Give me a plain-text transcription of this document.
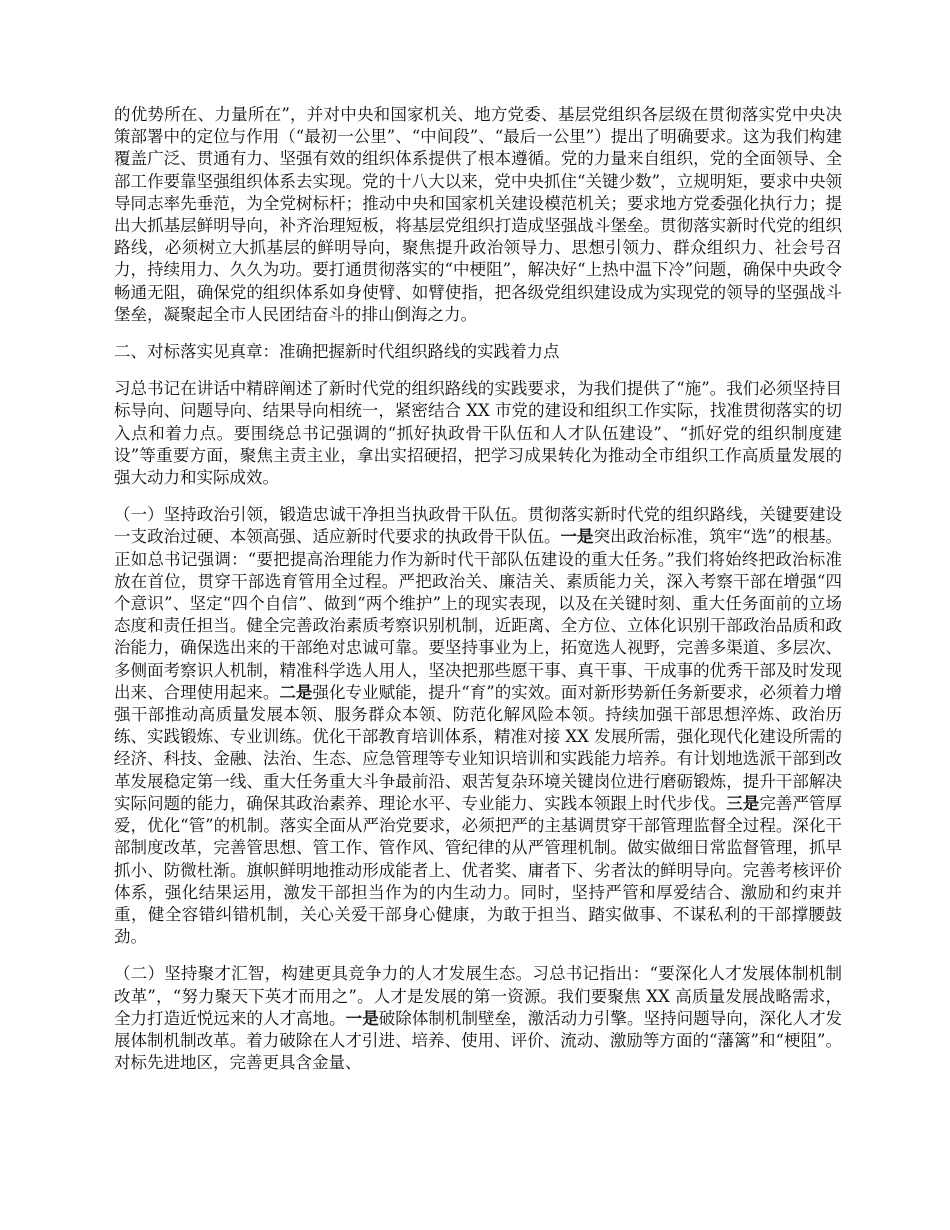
的优势所在、力量所在”，并对中央和国家机关、地方党委、基层党组织各层级在贯彻落实党中央决策部署中的定位与作用（“最初一公里”、“中间段”、“最后一公里”）提出了明确要求。这为我们构建覆盖广泛、贯通有力、坚强有效的组织体系提供了根本遵循。党的力量来自组织，党的全面领导、全部工作要靠坚强组织体系去实现。党的十八大以来，党中央抓住“关键少数”，立规明矩，要求中央领导同志率先垂范，为全党树标杆；推动中央和国家机关建设模范机关；要求地方党委强化执行力；提出大抓基层鲜明导向，补齐治理短板，将基层党组织打造成坚强战斗堡垒。贯彻落实新时代党的组织路线，必须树立大抓基层的鲜明导向，聚焦提升政治领导力、思想引领力、群众组织力、社会号召力，持续用力、久久为功。要打通贯彻落实的“中梗阻”，解决好“上热中温下冷”问题，确保中央政令畅通无阻，确保党的组织体系如身使臂、如臂使指，把各级党组织建设成为实现党的领导的坚强战斗堡垒，凝聚起全市人民团结奋斗的排山倒海之力。

二、对标落实见真章：准确把握新时代组织路线的实践着力点

习总书记在讲话中精辟阐述了新时代党的组织路线的实践要求，为我们提供了“施”。我们必须坚持目标导向、问题导向、结果导向相统一，紧密结合 XX 市党的建设和组织工作实际，找准贯彻落实的切入点和着力点。要围绕总书记强调的“抓好执政骨干队伍和人才队伍建设”、“抓好党的组织制度建设”等重要方面，聚焦主责主业，拿出实招硬招，把学习成果转化为推动全市组织工作高质量发展的强大动力和实际成效。

（一）坚持政治引领，锻造忠诚干净担当执政骨干队伍。贯彻落实新时代党的组织路线，关键要建设一支政治过硬、本领高强、适应新时代要求的执政骨干队伍。一是突出政治标准，筑牢“选”的根基。正如总书记强调：“要把提高治理能力作为新时代干部队伍建设的重大任务。”我们将始终把政治标准放在首位，贯穿干部选育管用全过程。严把政治关、廉洁关、素质能力关，深入考察干部在增强“四个意识”、坚定“四个自信”、做到“两个维护”上的现实表现，以及在关键时刻、重大任务面前的立场态度和责任担当。健全完善政治素质考察识别机制，近距离、全方位、立体化识别干部政治品质和政治能力，确保选出来的干部绝对忠诚可靠。要坚持事业为上，拓宽选人视野，完善多渠道、多层次、多侧面考察识人机制，精准科学选人用人，坚决把那些愿干事、真干事、干成事的优秀干部及时发现出来、合理使用起来。二是强化专业赋能，提升“育”的实效。面对新形势新任务新要求，必须着力增强干部推动高质量发展本领、服务群众本领、防范化解风险本领。持续加强干部思想淬炼、政治历练、实践锻炼、专业训练。优化干部教育培训体系，精准对接 XX 发展所需，强化现代化建设所需的经济、科技、金融、法治、生态、应急管理等专业知识培训和实践能力培养。有计划地选派干部到改革发展稳定第一线、重大任务重大斗争最前沿、艰苦复杂环境关键岗位进行磨砺锻炼，提升干部解决实际问题的能力，确保其政治素养、理论水平、专业能力、实践本领跟上时代步伐。三是完善严管厚爱，优化“管”的机制。落实全面从严治党要求，必须把严的主基调贯穿干部管理监督全过程。深化干部制度改革，完善管思想、管工作、管作风、管纪律的从严管理机制。做实做细日常监督管理，抓早抓小、防微杜渐。旗帜鲜明地推动形成能者上、优者奖、庸者下、劣者汰的鲜明导向。完善考核评价体系，强化结果运用，激发干部担当作为的内生动力。同时，坚持严管和厚爱结合、激励和约束并重，健全容错纠错机制，关心关爱干部身心健康，为敢于担当、踏实做事、不谋私利的干部撑腰鼓劲。

（二）坚持聚才汇智，构建更具竞争力的人才发展生态。习总书记指出：“要深化人才发展体制机制改革”，“努力聚天下英才而用之”。人才是发展的第一资源。我们要聚焦 XX 高质量发展战略需求，全力打造近悦远来的人才高地。一是破除体制机制壁垒，激活动力引擎。坚持问题导向，深化人才发展体制机制改革。着力破除在人才引进、培养、使用、评价、流动、激励等方面的“藩篱”和“梗阻”。对标先进地区，完善更具含金量、
